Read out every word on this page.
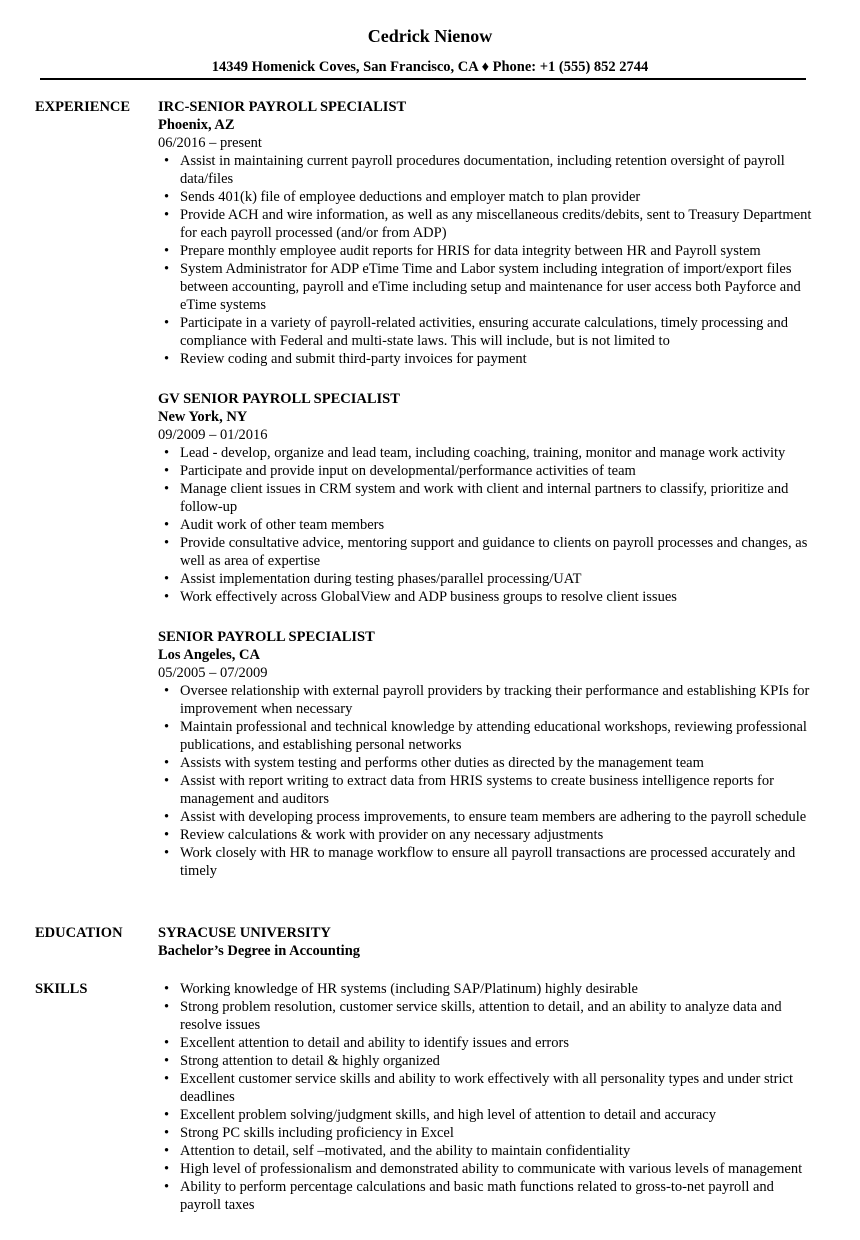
Cedrick Nienow
14349 Homenick Coves, San Francisco, CA ♦ Phone: +1 (555) 852 2744
EXPERIENCE IRC-SENIOR PAYROLL SPECIALIST
Phoenix, AZ
06/2016 – present
• Assist in maintaining current payroll procedures documentation, including retention oversight of payroll data/files
• Sends 401(k) file of employee deductions and employer match to plan provider
• Provide ACH and wire information, as well as any miscellaneous credits/debits, sent to Treasury Department for each payroll processed (and/or from ADP)
• Prepare monthly employee audit reports for HRIS for data integrity between HR and Payroll system
• System Administrator for ADP eTime Time and Labor system including integration of import/export files between accounting, payroll and eTime including setup and maintenance for user access both Payforce and eTime systems
• Participate in a variety of payroll-related activities, ensuring accurate calculations, timely processing and compliance with Federal and multi-state laws. This will include, but is not limited to
• Review coding and submit third-party invoices for payment
GV SENIOR PAYROLL SPECIALIST
New York, NY
09/2009 – 01/2016
• Lead - develop, organize and lead team, including coaching, training, monitor and manage work activity
• Participate and provide input on developmental/performance activities of team
• Manage client issues in CRM system and work with client and internal partners to classify, prioritize and follow-up
• Audit work of other team members
• Provide consultative advice, mentoring support and guidance to clients on payroll processes and changes, as well as area of expertise
• Assist implementation during testing phases/parallel processing/UAT
• Work effectively across GlobalView and ADP business groups to resolve client issues
SENIOR PAYROLL SPECIALIST
Los Angeles, CA
05/2005 – 07/2009
• Oversee relationship with external payroll providers by tracking their performance and establishing KPIs for improvement when necessary
• Maintain professional and technical knowledge by attending educational workshops, reviewing professional publications, and establishing personal networks
• Assists with system testing and performs other duties as directed by the management team
• Assist with report writing to extract data from HRIS systems to create business intelligence reports for management and auditors
• Assist with developing process improvements, to ensure team members are adhering to the payroll schedule
• Review calculations & work with provider on any necessary adjustments
• Work closely with HR to manage workflow to ensure all payroll transactions are processed accurately and timely
EDUCATION SYRACUSE UNIVERSITY
Bachelor’s Degree in Accounting
SKILLS
•	Working knowledge of HR systems (including SAP/Platinum) highly desirable
• Strong problem resolution, customer service skills, attention to detail, and an ability to analyze data and resolve issues
• Excellent attention to detail and ability to identify issues and errors
• Strong attention to detail & highly organized
• Excellent customer service skills and ability to work effectively with all personality types and under strict deadlines
• Excellent problem solving/judgment skills, and high level of attention to detail and accuracy
• Strong PC skills including proficiency in Excel
• Attention to detail, self –motivated, and the ability to maintain confidentiality
• High level of professionalism and demonstrated ability to communicate with various levels of management
• Ability to perform percentage calculations and basic math functions related to gross-to-net payroll and payroll taxes
